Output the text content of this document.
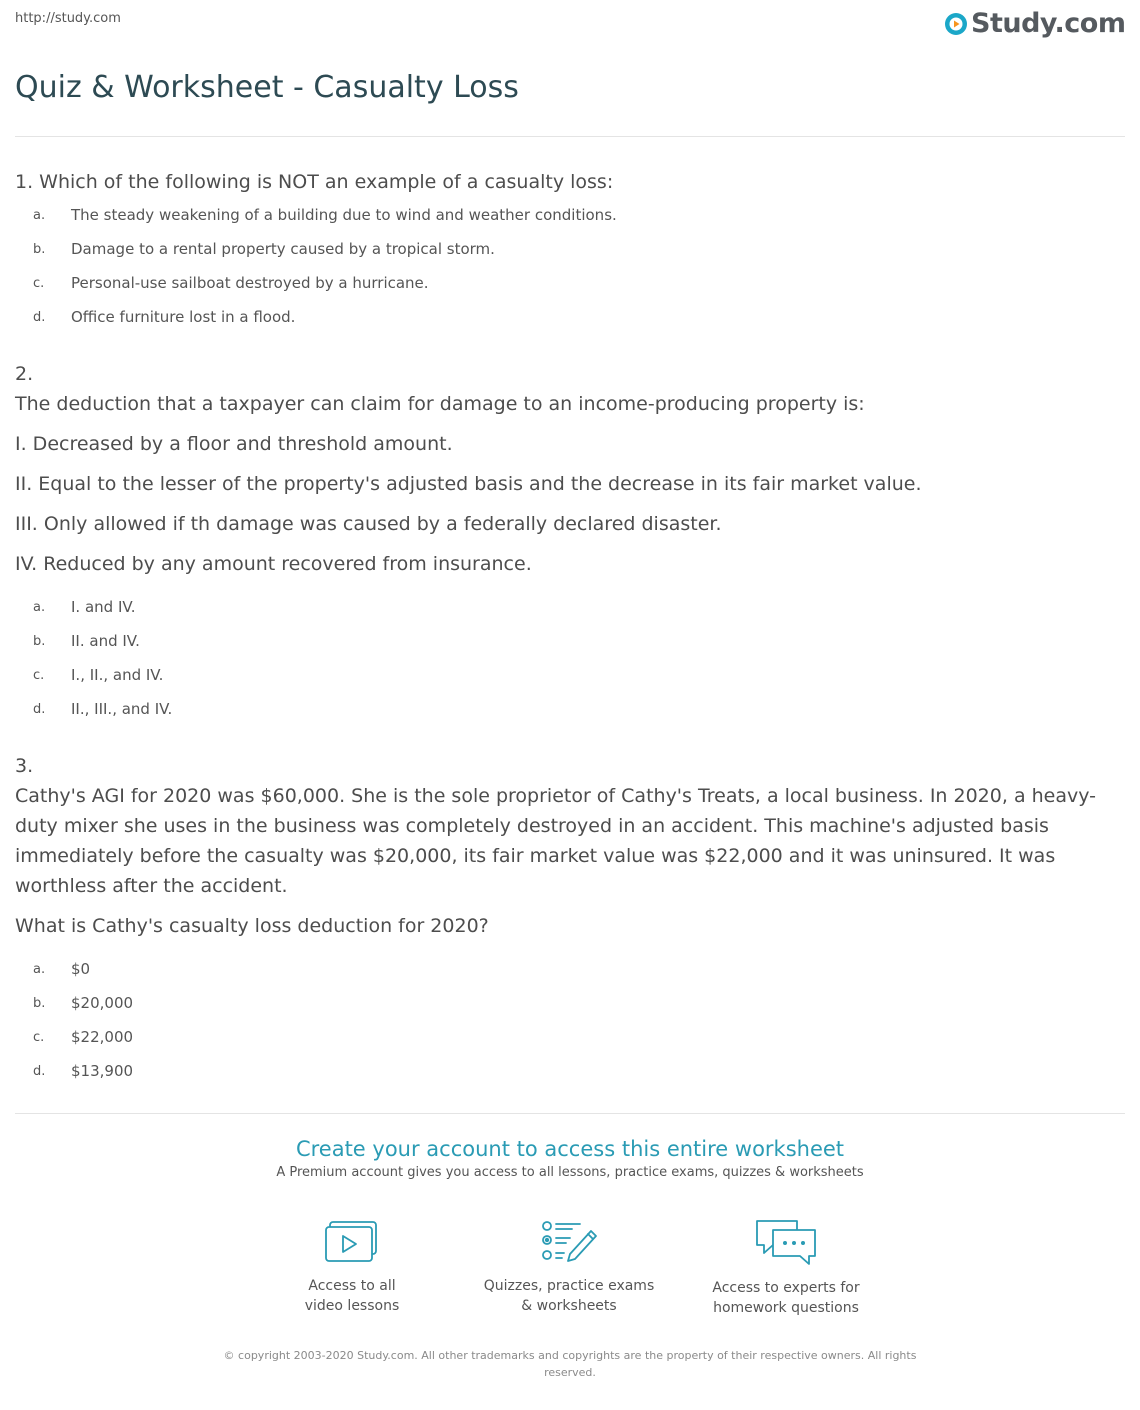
http://study.com	Study.com
Quiz & Worksheet - Casualty Loss
1. Which of the following is NOT an example of a casualty loss:
a.	The steady weakening of a building due to wind and weather conditions.
b.	Damage to a rental property caused by a tropical storm.
c.	Personal-use sailboat destroyed by a hurricane.
d.	Office furniture lost in a flood.

2.

The deduction that a taxpayer can claim for damage to an income-producing property is:

I. Decreased by a floor and threshold amount.

II. Equal to the lesser of the property's adjusted basis and the decrease in its fair market value.

III. Only allowed if th damage was caused by a federally declared disaster.

IV. Reduced by any amount recovered from insurance.

a.	I. and IV.
b.	II. and IV.
c.	I., II., and IV.
d.	II., III., and IV.

3.

Cathy's AGI for 2020 was $60,000. She is the sole proprietor of Cathy's Treats, a local business. In 2020, a heavy-duty mixer she uses in the business was completely destroyed in an accident. This machine's adjusted basis immediately before the casualty was $20,000, its fair market value was $22,000 and it was uninsured. It was worthless after the accident.

What is Cathy's casualty loss deduction for 2020?

a.	$0
b.	$20,000
c.	$22,000
d.	$13,900
Create your account to access this entire worksheet
A Premium account gives you access to all lessons, practice exams, quizzes & worksheets
Access to all
video lessons
Quizzes, practice exams
& worksheets
Access to experts for
homework questions
© copyright 2003-2020 Study.com. All other trademarks and copyrights are the property of their respective owners. All rights reserved.
